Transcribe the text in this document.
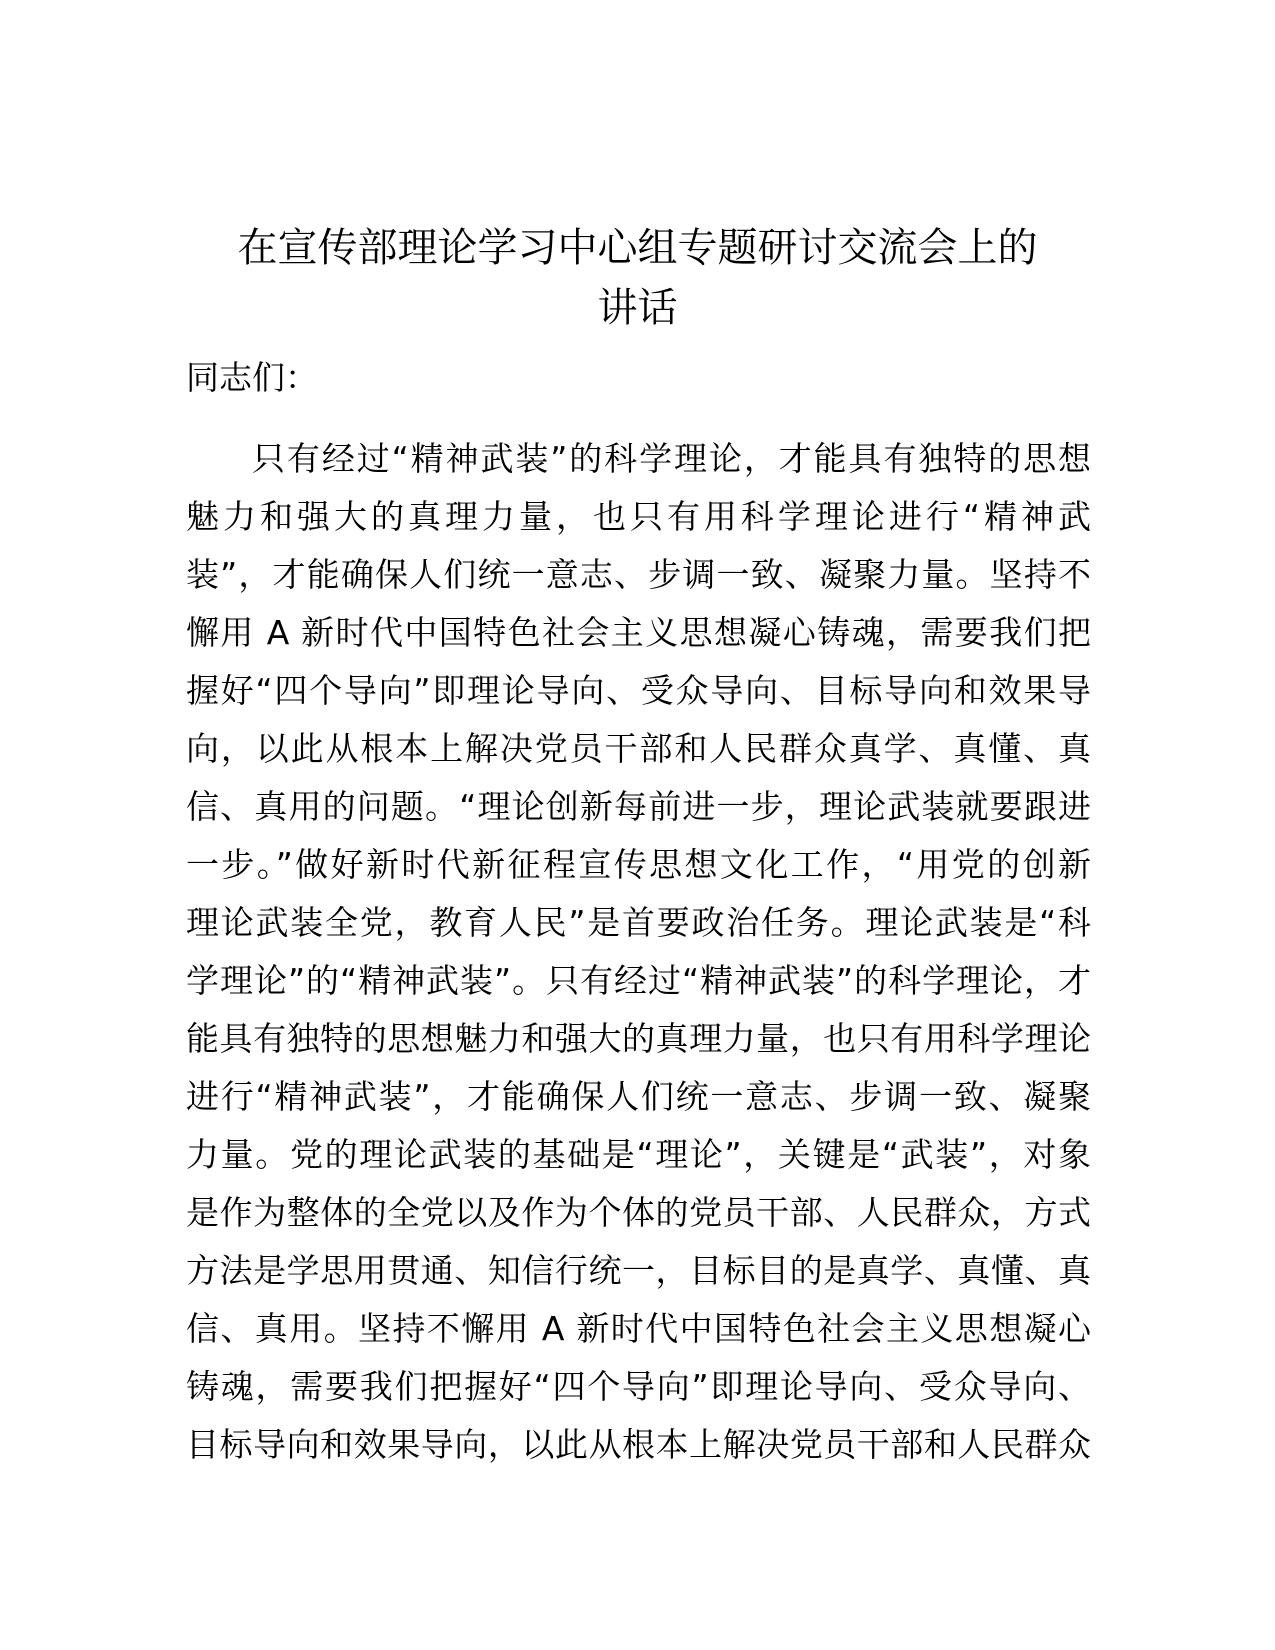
在宣传部理论学习中心组专题研讨交流会上的
讲话

同志们：

只有经过“精神武装”的科学理论，才能具有独特的思想
魅力和强大的真理力量，也只有用科学理论进行“精神武
装”，才能确保人们统一意志、步调一致、凝聚力量。坚持不
懈用 A 新时代中国特色社会主义思想凝心铸魂，需要我们把
握好“四个导向”即理论导向、受众导向、目标导向和效果导
向，以此从根本上解决党员干部和人民群众真学、真懂、真
信、真用的问题。“理论创新每前进一步，理论武装就要跟进
一步。”做好新时代新征程宣传思想文化工作，“用党的创新
理论武装全党，教育人民”是首要政治任务。理论武装是“科
学理论”的“精神武装”。只有经过“精神武装”的科学理论，才
能具有独特的思想魅力和强大的真理力量，也只有用科学理论
进行“精神武装”，才能确保人们统一意志、步调一致、凝聚
力量。党的理论武装的基础是“理论”，关键是“武装”，对象
是作为整体的全党以及作为个体的党员干部、人民群众，方式
方法是学思用贯通、知信行统一，目标目的是真学、真懂、真
信、真用。坚持不懈用 A 新时代中国特色社会主义思想凝心
铸魂，需要我们把握好“四个导向”即理论导向、受众导向、
目标导向和效果导向，以此从根本上解决党员干部和人民群众
